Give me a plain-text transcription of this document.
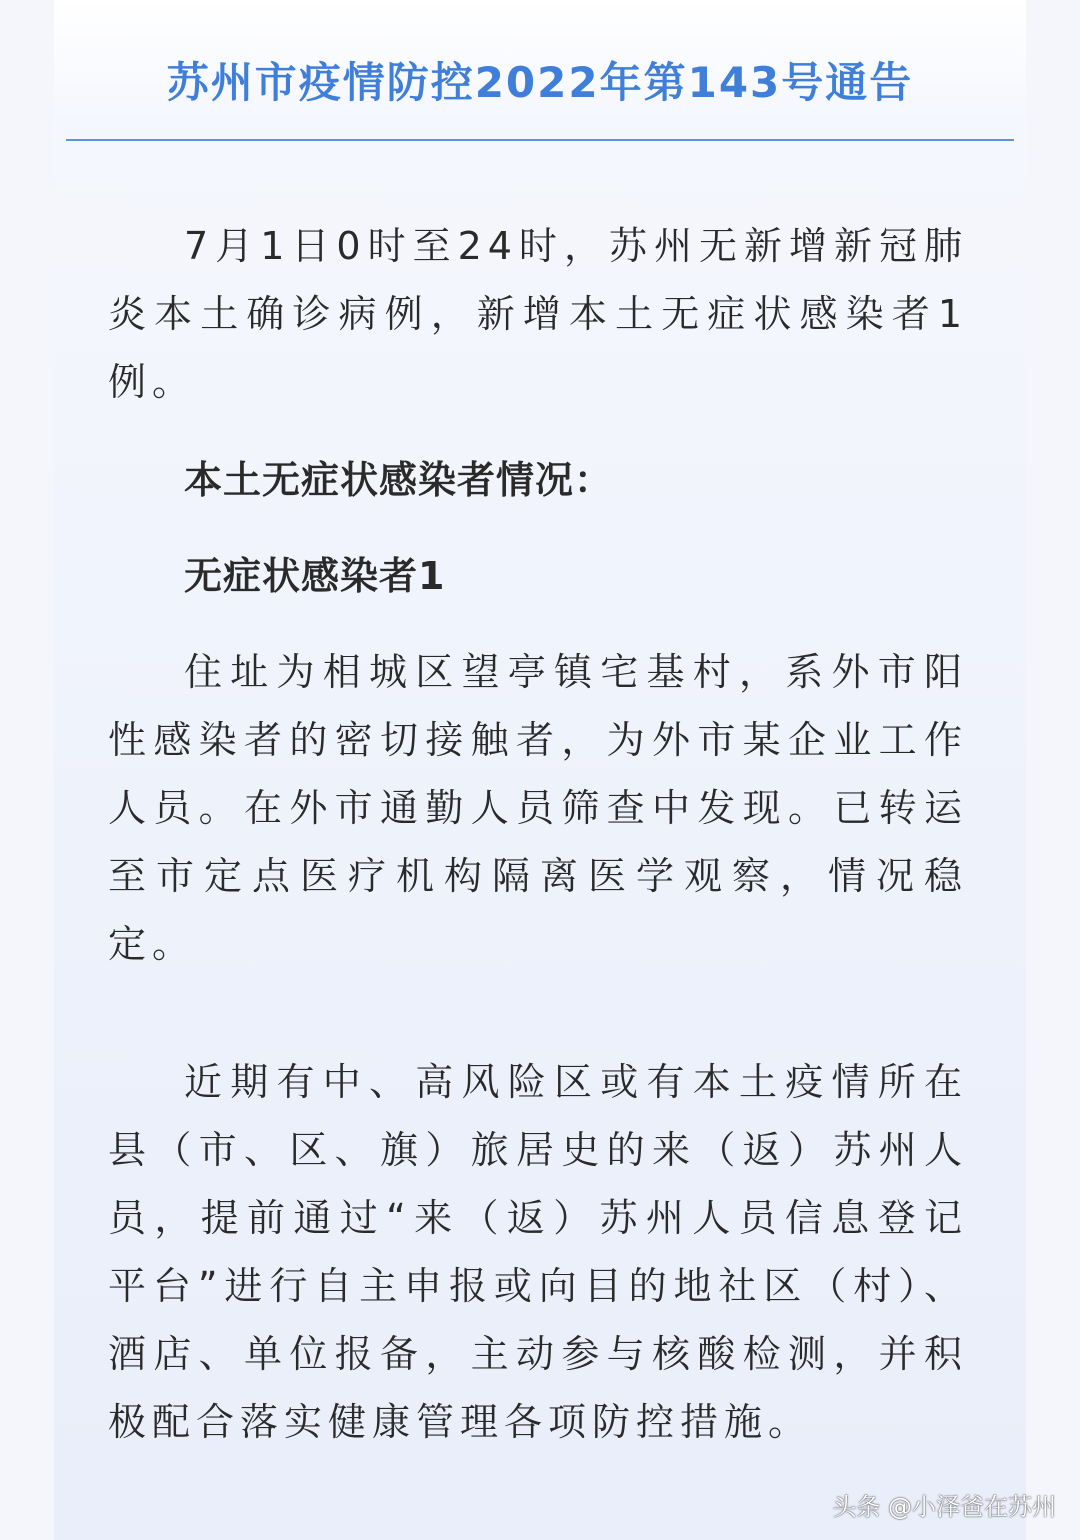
苏州市疫情防控2022年第143号通告

7月1日0时至24时，苏州无新增新冠肺炎本土确诊病例，新增本土无症状感染者1例。

本土无症状感染者情况：

无症状感染者1

住址为相城区望亭镇宅基村，系外市阳性感染者的密切接触者，为外市某企业工作人员。在外市通勤人员筛查中发现。已转运至市定点医疗机构隔离医学观察，情况稳定。

近期有中、高风险区或有本土疫情所在县（市、区、旗）旅居史的来（返）苏州人员，提前通过“来（返）苏州人员信息登记平台”进行自主申报或向目的地社区（村）、酒店、单位报备，主动参与核酸检测，并积极配合落实健康管理各项防控措施。

头条 @小泽爸在苏州
